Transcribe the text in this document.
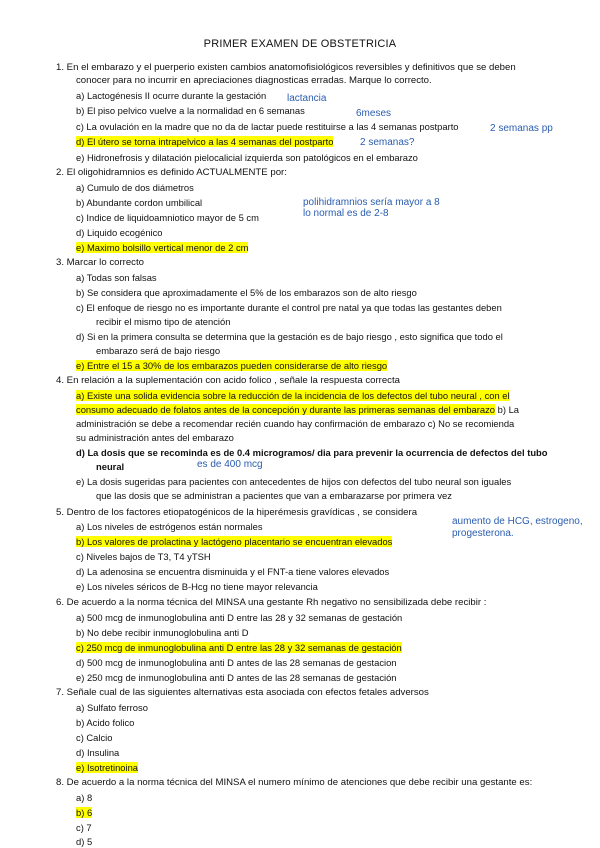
PRIMER EXAMEN DE OBSTETRICIA
1. En el embarazo y el puerperio existen cambios anatomofisiológicos reversibles y definitivos que se deben
conocer para no incurrir en apreciaciones diagnosticas erradas. Marque lo correcto.
a) Lactogénesis II ocurre durante la gestación
b) El piso pelvico vuelve a la normalidad en 6 semanas
c) La ovulación en la madre que no da de lactar puede restituirse a las 4 semanas postparto
d) El útero se torna intrapelvico a las 4 semanas del postparto
e) Hidronefrosis y dilatación pielocalicial izquierda son patológicos en el embarazo
lactancia
6meses
2 semanas pp
2 semanas?
2. El oligohidramnios es definido ACTUALMENTE por:
a) Cumulo de dos diámetros
b) Abundante cordon umbilical
c) Indice de liquidoamniotico mayor de 5 cm
d) Liquido ecogénico
e) Maximo bolsillo vertical menor de 2 cm
polihidramnios sería mayor a 8
lo normal es de 2-8
3. Marcar lo correcto
a) Todas son falsas
b) Se considera que aproximadamente el 5% de los embarazos son de alto riesgo
c) El enfoque de riesgo no es importante durante el control pre natal ya que todas las gestantes deben
recibir el mismo tipo de atención
d) Si en la primera consulta se determina que la gestación es de bajo riesgo , esto significa que todo el
embarazo será de bajo riesgo
e) Entre el 15 a 30% de los embarazos pueden considerarse de alto riesgo
4. En relación a la suplementación con acido folico , señale la respuesta correcta
a) Existe una solida evidencia sobre la reducción de la incidencia de los defectos del tubo neural , con el
consumo adecuado de folatos antes de la concepción y durante las primeras semanas del embarazo b) La
administración se debe a recomendar recién cuando hay confirmación de embarazo c) No se recomienda
su administración antes del embarazo
d) La dosis que se recominda es de 0.4 microgramos/ dia para prevenir la ocurrencia de defectos del tubo
neural	es de 400 mcg
e) La dosis sugeridas para pacientes con antecedentes de hijos con defectos del tubo neural son iguales
que las dosis que se administran a pacientes que van a embarazarse por primera vez
5. Dentro de los factores etiopatogénicos de la hiperémesis gravídicas , se considera
a) Los niveles de estrógenos están normales
b) Los valores de prolactina y lactógeno placentario se encuentran elevados
c) Niveles bajos de T3, T4 yTSH
d) La adenosina se encuentra disminuida y el FNT-a tiene valores elevados
e) Los niveles séricos de B-Hcg no tiene mayor relevancia
aumento de HCG, estrogeno,
progesterona.
6. De acuerdo a la norma técnica del MINSA una gestante Rh negativo no sensibilizada debe recibir :
a) 500 mcg de inmunoglobulina anti D entre las 28 y 32 semanas de gestación
b) No debe recibir inmunoglobulina anti D
c) 250 mcg de inmunoglobulina anti D entre las 28 y 32 semanas de gestación
d) 500 mcg de inmunoglobulina anti D antes de las 28 semanas de gestacion
e) 250 mcg de inmunoglobulina anti D antes de las 28 semanas de gestación
7. Señale cual de las siguientes alternativas esta asociada con efectos fetales adversos
a) Sulfato ferroso
b) Acido folico
c) Calcio
d) Insulina
e) Isotretinoina
8. De acuerdo a la norma técnica del MINSA el numero mínimo de atenciones que debe recibir una gestante es:
a) 8
b) 6
c) 7
d) 5
